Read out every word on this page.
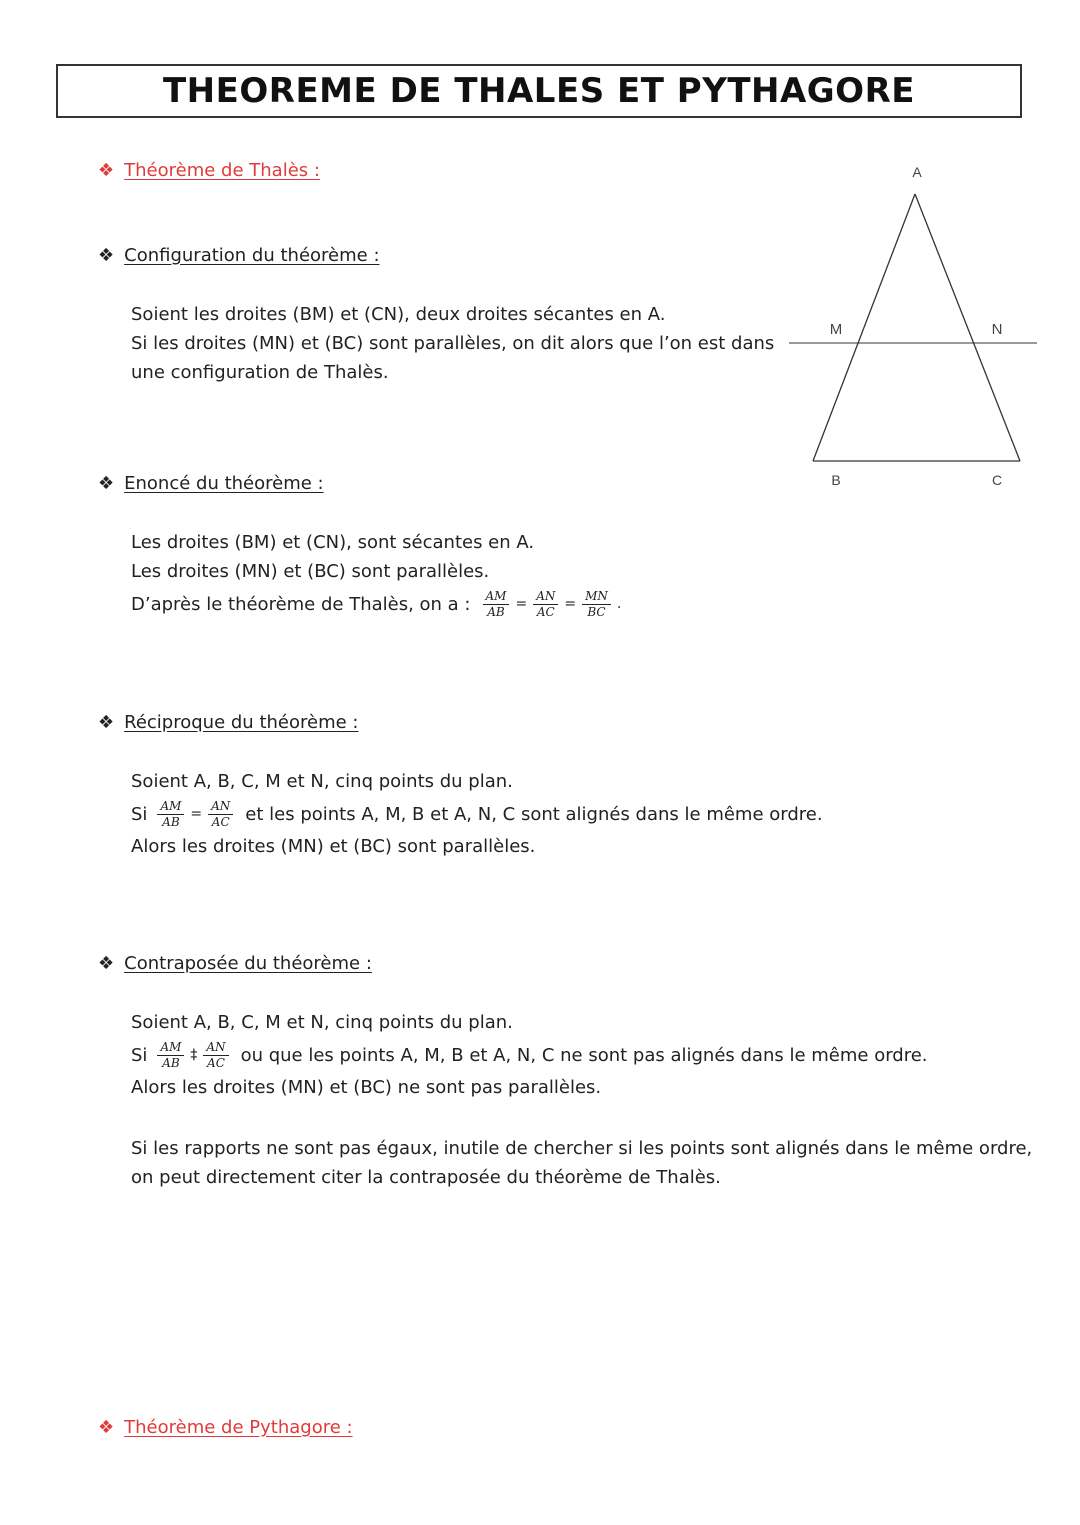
THEOREME DE THALES ET PYTHAGORE
❖ Théorème de Thalès :
❖ Configuration du théorème :

Soient les droites (BM) et (CN), deux droites sécantes en A.

Si les droites (MN) et (BC) sont parallèles, on dit alors que l’on est dans

une configuration de Thalès.

❖ Enoncé du théorème :

Les droites (BM) et (CN), sont sécantes en A.

Les droites (MN) et (BC) sont parallèles.

D’après le théorème de Thalès, on a : $\frac{AM}{AB} = \frac{AN}{AC} = \frac{MN}{BC}$ .
❖ Réciproque du théorème :

Soient A, B, C, M et N, cinq points du plan.

Si $\frac{AM}{AB} = \frac{AN}{AC}$ et les points A, M, B et A, N, C sont alignés dans le même ordre.

Alors les droites (MN) et (BC) sont parallèles.

❖ Contraposée du théorème :

Soient A, B, C, M et N, cinq points du plan.

Si $\frac{AM}{AB}$ ‡ $\frac{AN}{AC}$ ou que les points A, M, B et A, N, C ne sont pas alignés dans le même ordre.

Alors les droites (MN) et (BC) ne sont pas parallèles.

Si les rapports ne sont pas égaux, inutile de chercher si les points sont alignés dans le même ordre,

on peut directement citer la contraposée du théorème de Thalès.

❖ Théorème de Pythagore :
A
M	N
B	C
